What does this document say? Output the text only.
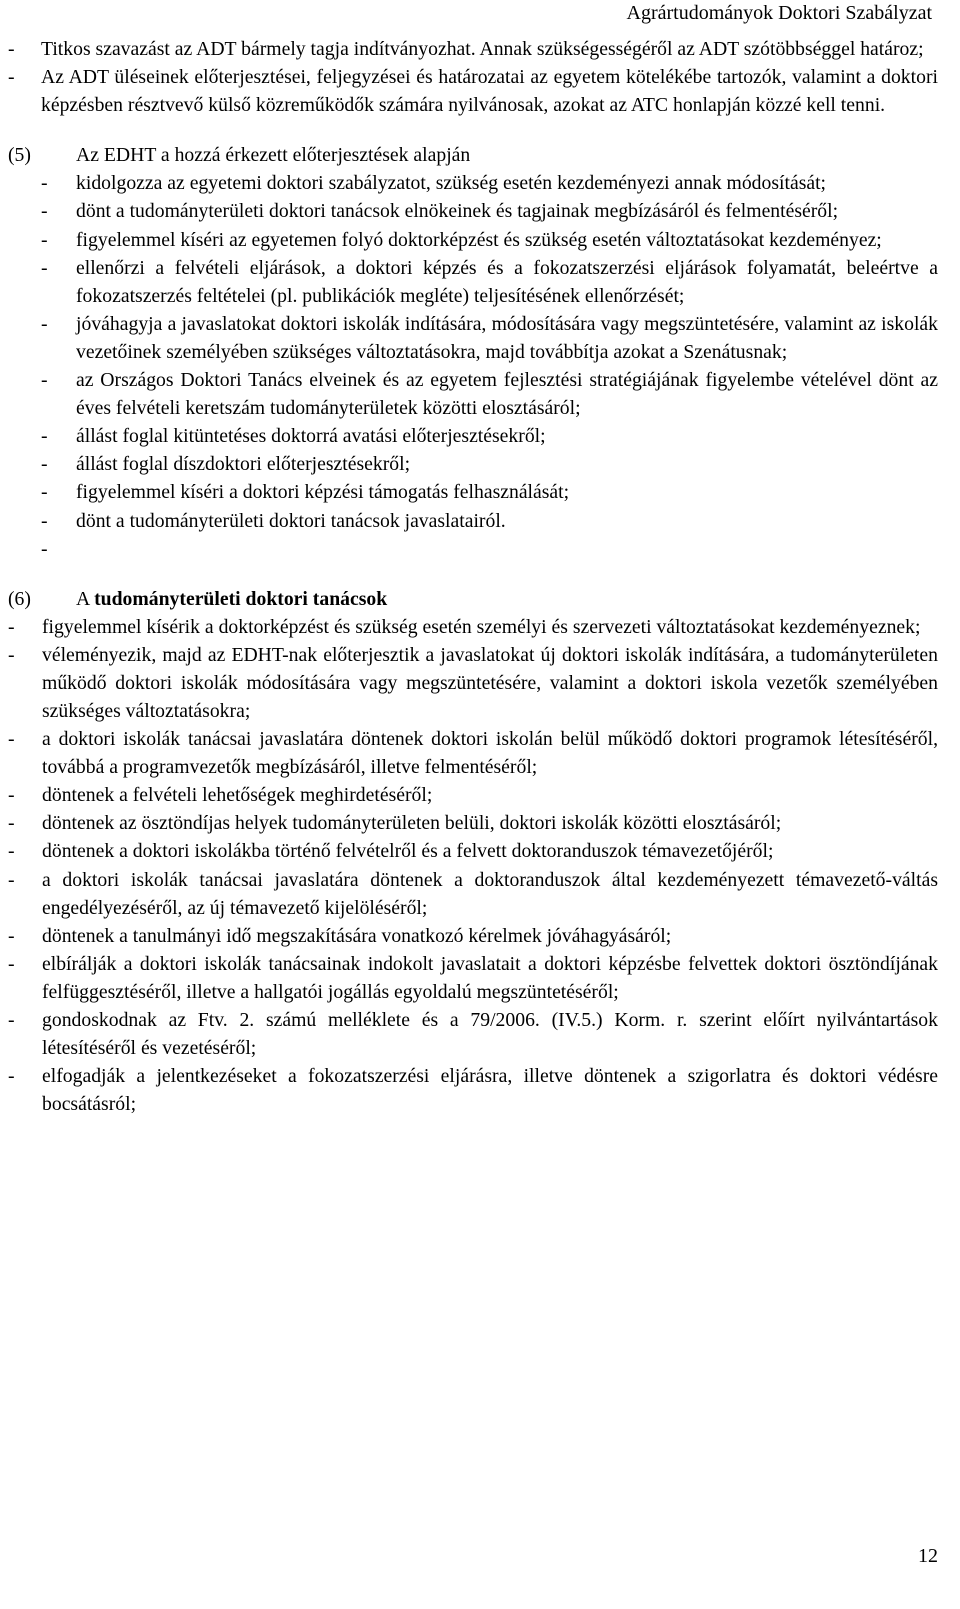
Agrártudományok Doktori Szabályzat
- Titkos szavazást az ADT bármely tagja indítványozhat. Annak szükségességéről az ADT szótöbbséggel határoz;
- Az ADT üléseinek előterjesztései, feljegyzései és határozatai az egyetem kötelékébe tartozók, valamint a doktori képzésben résztvevő külső közreműködők számára nyilvánosak, azokat az ATC honlapján közzé kell tenni.
(5) Az EDHT a hozzá érkezett előterjesztések alapján
-	kidolgozza az egyetemi doktori szabályzatot, szükség esetén kezdeményezi annak módosítását;
-	dönt a tudományterületi doktori tanácsok elnökeinek és tagjainak megbízásáról és felmentéséről;
-	figyelemmel kíséri az egyetemen folyó doktorképzést és szükség esetén változtatásokat kezdeményez;
-	ellenőrzi a felvételi eljárások, a doktori képzés és a fokozatszerzési eljárások folyamatát, beleértve a fokozatszerzés feltételei (pl. publikációk megléte) teljesítésének ellenőrzését;
-	jóváhagyja a javaslatokat doktori iskolák indítására, módosítására vagy megszüntetésére, valamint az iskolák vezetőinek személyében szükséges változtatásokra, majd továbbítja azokat a Szenátusnak;
-	az Országos Doktori Tanács elveinek és az egyetem fejlesztési stratégiájának figyelembe vételével dönt az éves felvételi keretszám tudományterületek közötti elosztásáról;
-	állást foglal kitüntetéses doktorrá avatási előterjesztésekről;
-	állást foglal díszdoktori előterjesztésekről;
-	figyelemmel kíséri a doktori képzési támogatás felhasználását;
-	dönt a tudományterületi doktori tanácsok javaslatairól.
-
(6) A tudományterületi doktori tanácsok
-	figyelemmel kísérik a doktorképzést és szükség esetén személyi és szervezeti változtatásokat kezdeményeznek;
-	véleményezik, majd az EDHT-nak előterjesztik a javaslatokat új doktori iskolák indítására, a tudományterületen működő doktori iskolák módosítására vagy megszüntetésére, valamint a doktori iskola vezetők személyében szükséges változtatásokra;
-	a doktori iskolák tanácsai javaslatára döntenek doktori iskolán belül működő doktori programok létesítéséről, továbbá a programvezetők megbízásáról, illetve felmentéséről;
-	döntenek a felvételi lehetőségek meghirdetéséről;
-	döntenek az ösztöndíjas helyek tudományterületen belüli, doktori iskolák közötti elosztásáról;
-	döntenek a doktori iskolákba történő felvételről és a felvett doktoranduszok témavezetőjéről;
-	a doktori iskolák tanácsai javaslatára döntenek a doktoranduszok által kezdeményezett témavezető-váltás engedélyezéséről, az új témavezető kijelöléséről;
-	döntenek a tanulmányi idő megszakítására vonatkozó kérelmek jóváhagyásáról;
-	elbírálják a doktori iskolák tanácsainak indokolt javaslatait a doktori képzésbe felvettek doktori ösztöndíjának felfüggesztéséről, illetve a hallgatói jogállás egyoldalú megszüntetéséről;
-	gondoskodnak az Ftv. 2. számú melléklete és a 79/2006. (IV.5.) Korm. r. szerint előírt nyilvántartások létesítéséről és vezetéséről;
-	elfogadják a jelentkezéseket a fokozatszerzési eljárásra, illetve döntenek a szigorlatra és doktori védésre bocsátásról;
12
